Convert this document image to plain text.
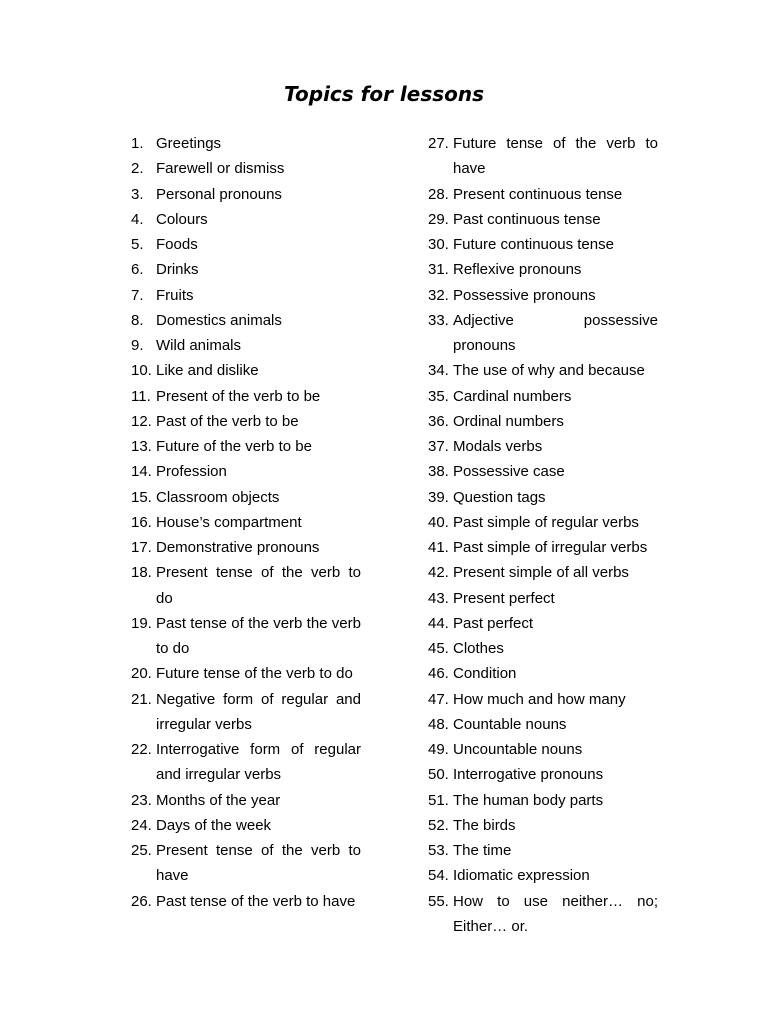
Topics for lessons
1. Greetings
2. Farewell or dismiss
3. Personal pronouns
4. Colours
5. Foods
6. Drinks
7. Fruits
8. Domestics animals
9. Wild animals
10. Like and dislike
11. Present of the verb to be
12. Past of the verb to be
13. Future of the verb to be
14. Profession
15. Classroom objects
16. House’s compartment
17. Demonstrative pronouns
18. Present tense of the verb to do
19. Past tense of the verb the verb to do
20. Future tense of the verb to do
21. Negative form of regular and irregular verbs
22. Interrogative form of regular and irregular verbs
23. Months of the year
24. Days of the week
25. Present tense of the verb to have
26. Past tense of the verb to have
27. Future tense of the verb to have
28. Present continuous tense
29. Past continuous tense
30. Future continuous tense
31. Reflexive pronouns
32. Possessive pronouns
33. Adjective possessive pronouns
34. The use of why and because
35. Cardinal numbers
36. Ordinal numbers
37. Modals verbs
38. Possessive case
39. Question tags
40. Past simple of regular verbs
41. Past simple of irregular verbs
42. Present simple of all verbs
43. Present perfect
44. Past perfect
45. Clothes
46. Condition
47. How much and how many
48. Countable nouns
49. Uncountable nouns
50. Interrogative pronouns
51. The human body parts
52. The birds
53. The time
54. Idiomatic expression
55. How to use neither… no; Either… or.
